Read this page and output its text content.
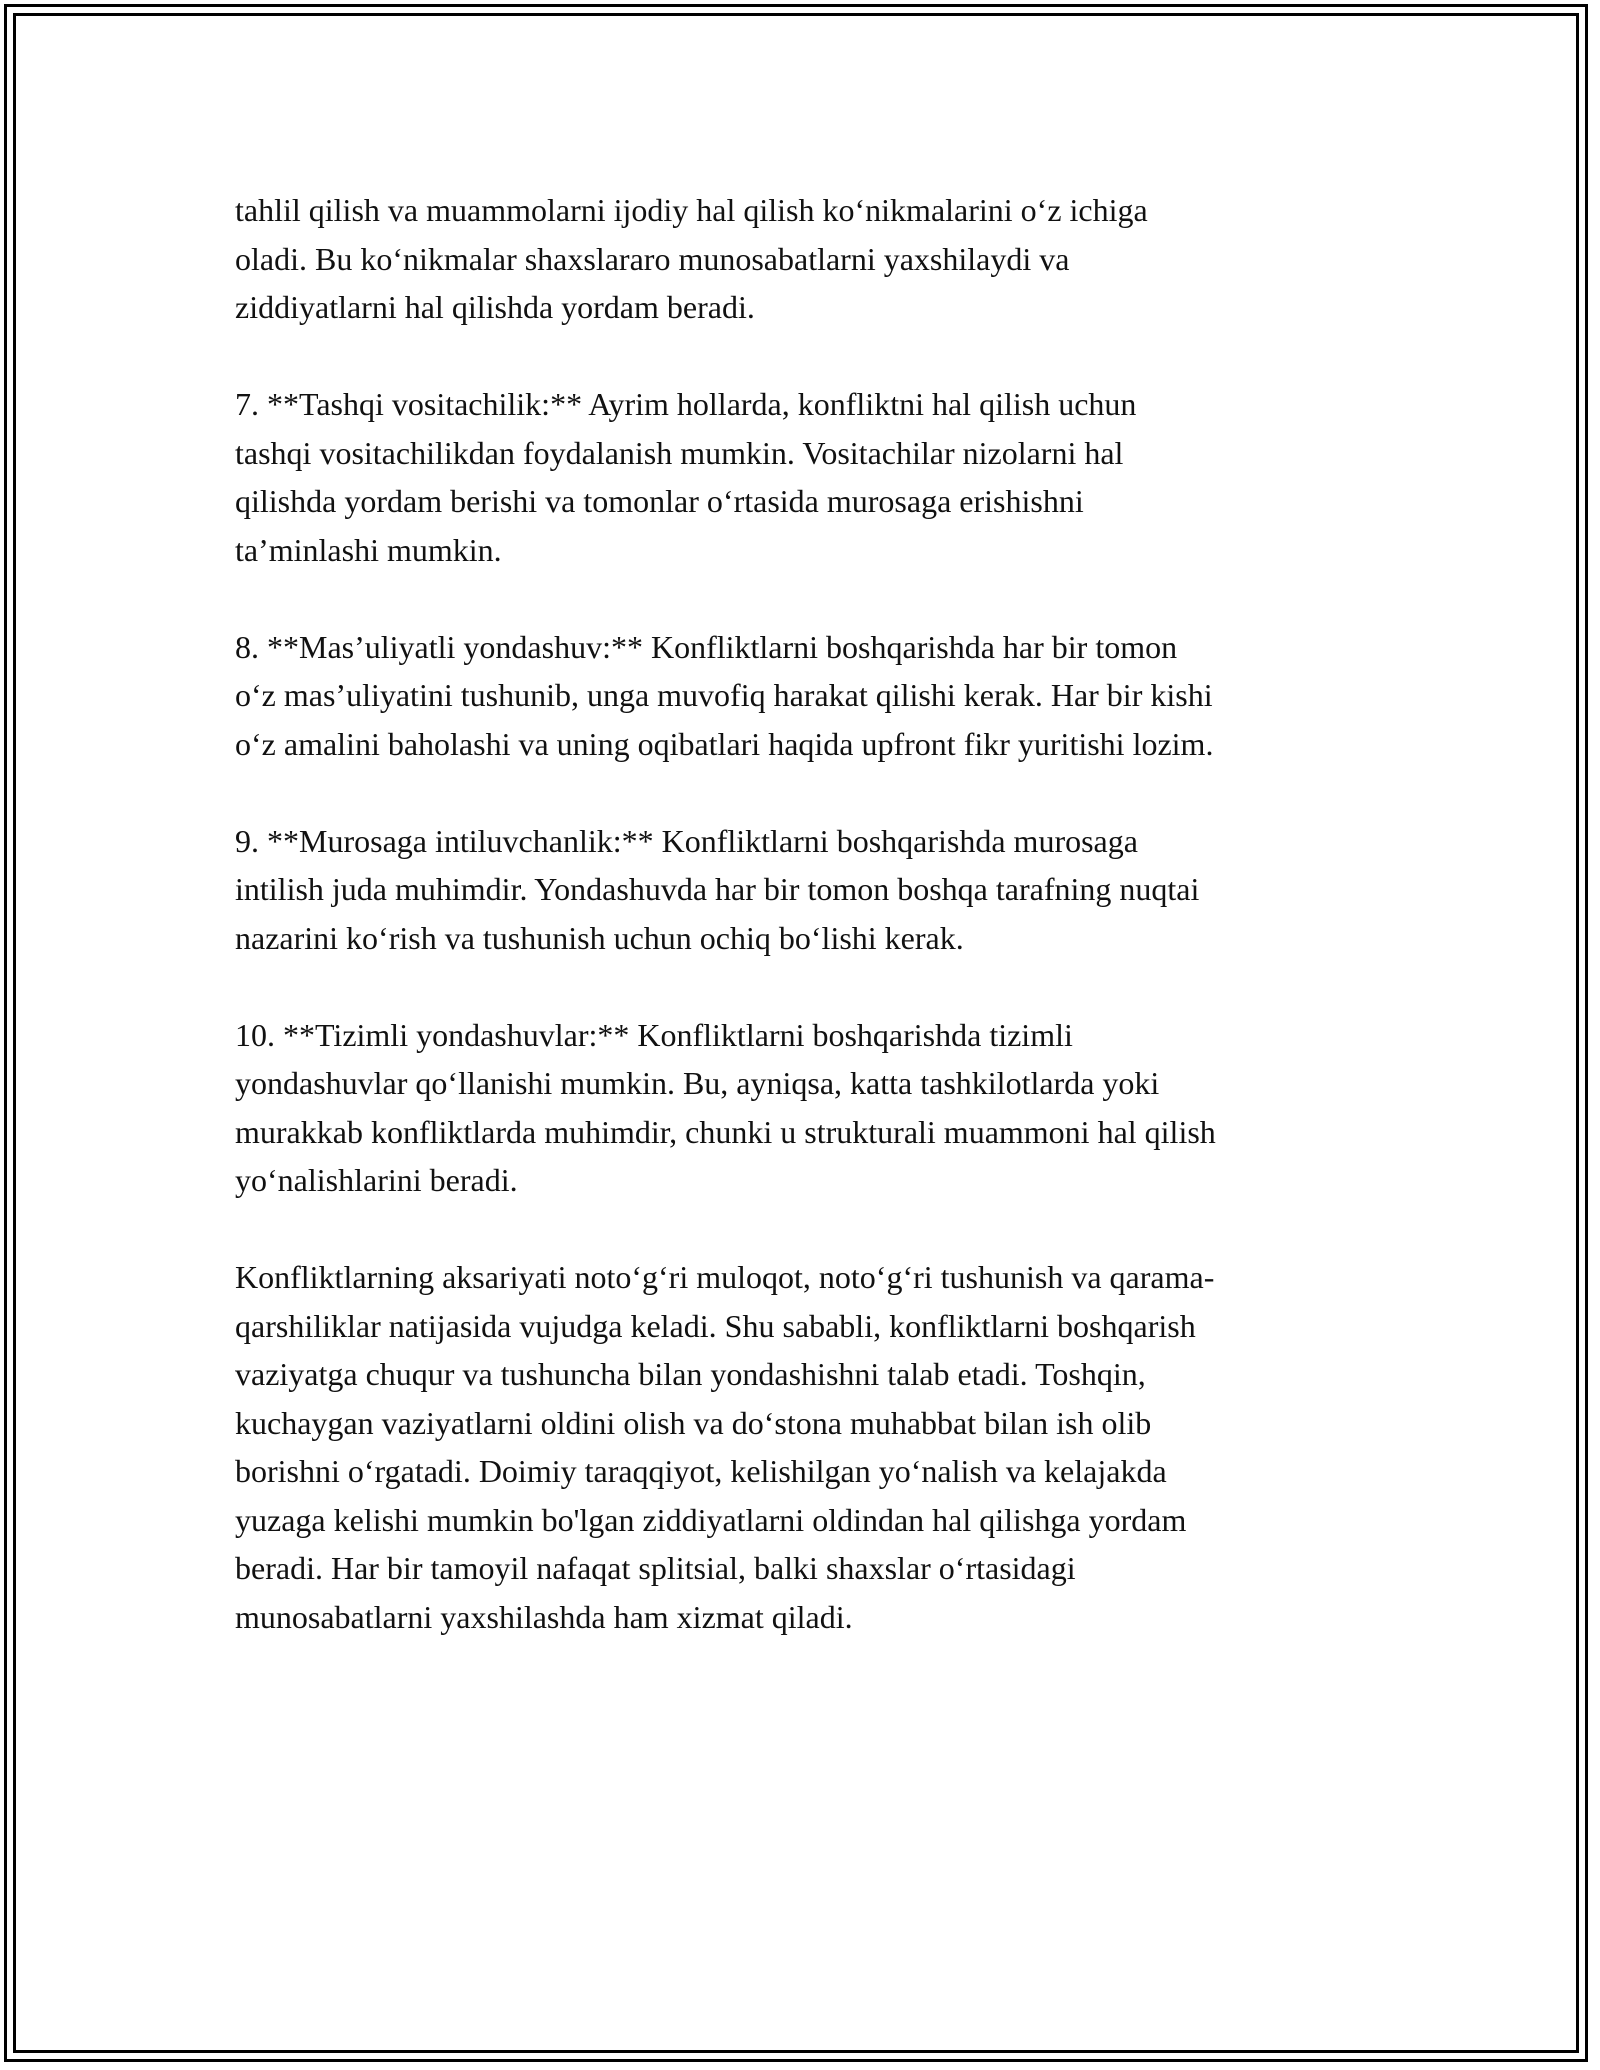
tahlil qilish va muammolarni ijodiy hal qilish ko‘nikmalarini o‘z ichiga
oladi. Bu ko‘nikmalar shaxslararo munosabatlarni yaxshilaydi va
ziddiyatlarni hal qilishda yordam beradi.

7. **Tashqi vositachilik:** Ayrim hollarda, konfliktni hal qilish uchun
tashqi vositachilikdan foydalanish mumkin. Vositachilar nizolarni hal
qilishda yordam berishi va tomonlar o‘rtasida murosaga erishishni
ta’minlashi mumkin.

8. **Mas’uliyatli yondashuv:** Konfliktlarni boshqarishda har bir tomon
o‘z mas’uliyatini tushunib, unga muvofiq harakat qilishi kerak. Har bir kishi
o‘z amalini baholashi va uning oqibatlari haqida upfront fikr yuritishi lozim.

9. **Murosaga intiluvchanlik:** Konfliktlarni boshqarishda murosaga
intilish juda muhimdir. Yondashuvda har bir tomon boshqa tarafning nuqtai
nazarini ko‘rish va tushunish uchun ochiq bo‘lishi kerak.

10. **Tizimli yondashuvlar:** Konfliktlarni boshqarishda tizimli
yondashuvlar qo‘llanishi mumkin. Bu, ayniqsa, katta tashkilotlarda yoki
murakkab konfliktlarda muhimdir, chunki u strukturali muammoni hal qilish
yo‘nalishlarini beradi.

Konfliktlarning aksariyati noto‘g‘ri muloqot, noto‘g‘ri tushunish va qarama-
qarshiliklar natijasida vujudga keladi. Shu sababli, konfliktlarni boshqarish
vaziyatga chuqur va tushuncha bilan yondashishni talab etadi. Toshqin,
kuchaygan vaziyatlarni oldini olish va do‘stona muhabbat bilan ish olib
borishni o‘rgatadi. Doimiy taraqqiyot, kelishilgan yo‘nalish va kelajakda
yuzaga kelishi mumkin bo'lgan ziddiyatlarni oldindan hal qilishga yordam
beradi. Har bir tamoyil nafaqat splitsial, balki shaxslar o‘rtasidagi
munosabatlarni yaxshilashda ham xizmat qiladi.
